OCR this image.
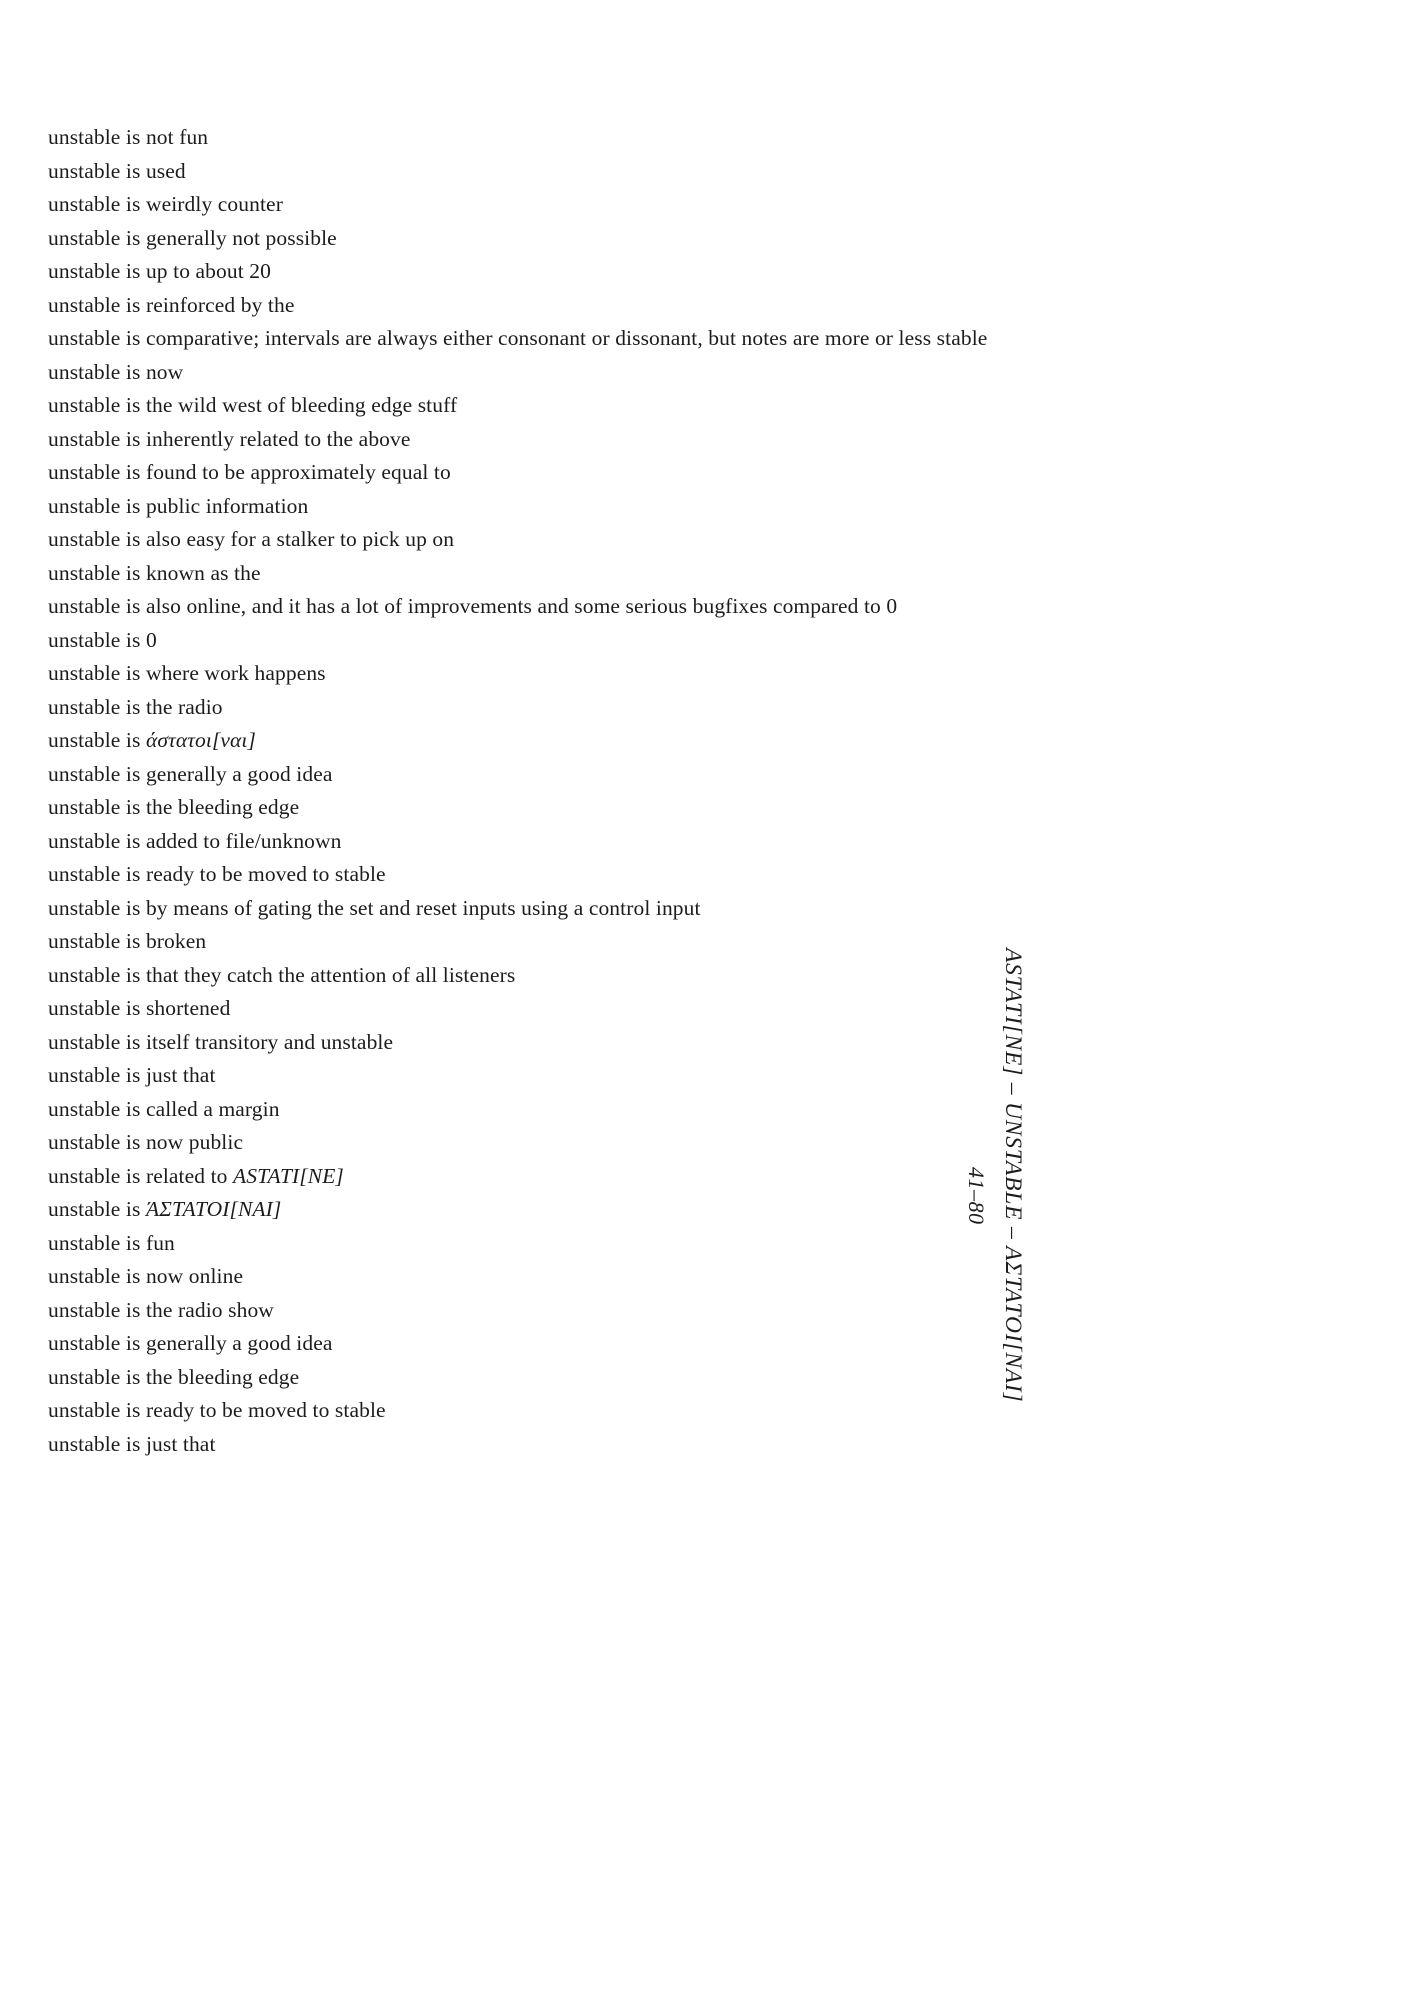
unstable is not fun
unstable is used
unstable is weirdly counter
unstable is generally not possible
unstable is up to about 20
unstable is reinforced by the
unstable is comparative; intervals are always either consonant or dissonant, but notes are more or less stable
unstable is now
unstable is the wild west of bleeding edge stuff
unstable is inherently related to the above
unstable is found to be approximately equal to
unstable is public information
unstable is also easy for a stalker to pick up on
unstable is known as the
unstable is also online, and it has a lot of improvements and some serious bugfixes compared to 0
unstable is 0
unstable is where work happens
unstable is the radio
unstable is άστατοι[ναι]
unstable is generally a good idea
unstable is the bleeding edge
unstable is added to file/unknown
unstable is ready to be moved to stable
unstable is by means of gating the set and reset inputs using a control input
unstable is broken
unstable is that they catch the attention of all listeners
unstable is shortened
unstable is itself transitory and unstable
unstable is just that
unstable is called a margin
unstable is now public
unstable is related to ASTATI[NE]
unstable is ΆΣΤΑΤΟΙ[ΝΑΙ]
unstable is fun
unstable is now online
unstable is the radio show
unstable is generally a good idea
unstable is the bleeding edge
unstable is ready to be moved to stable
unstable is just that
ASTATI[NE] – UNSTABLE – ΑΣΤΑΤΟΙ[ΝΑΙ]
41–80
